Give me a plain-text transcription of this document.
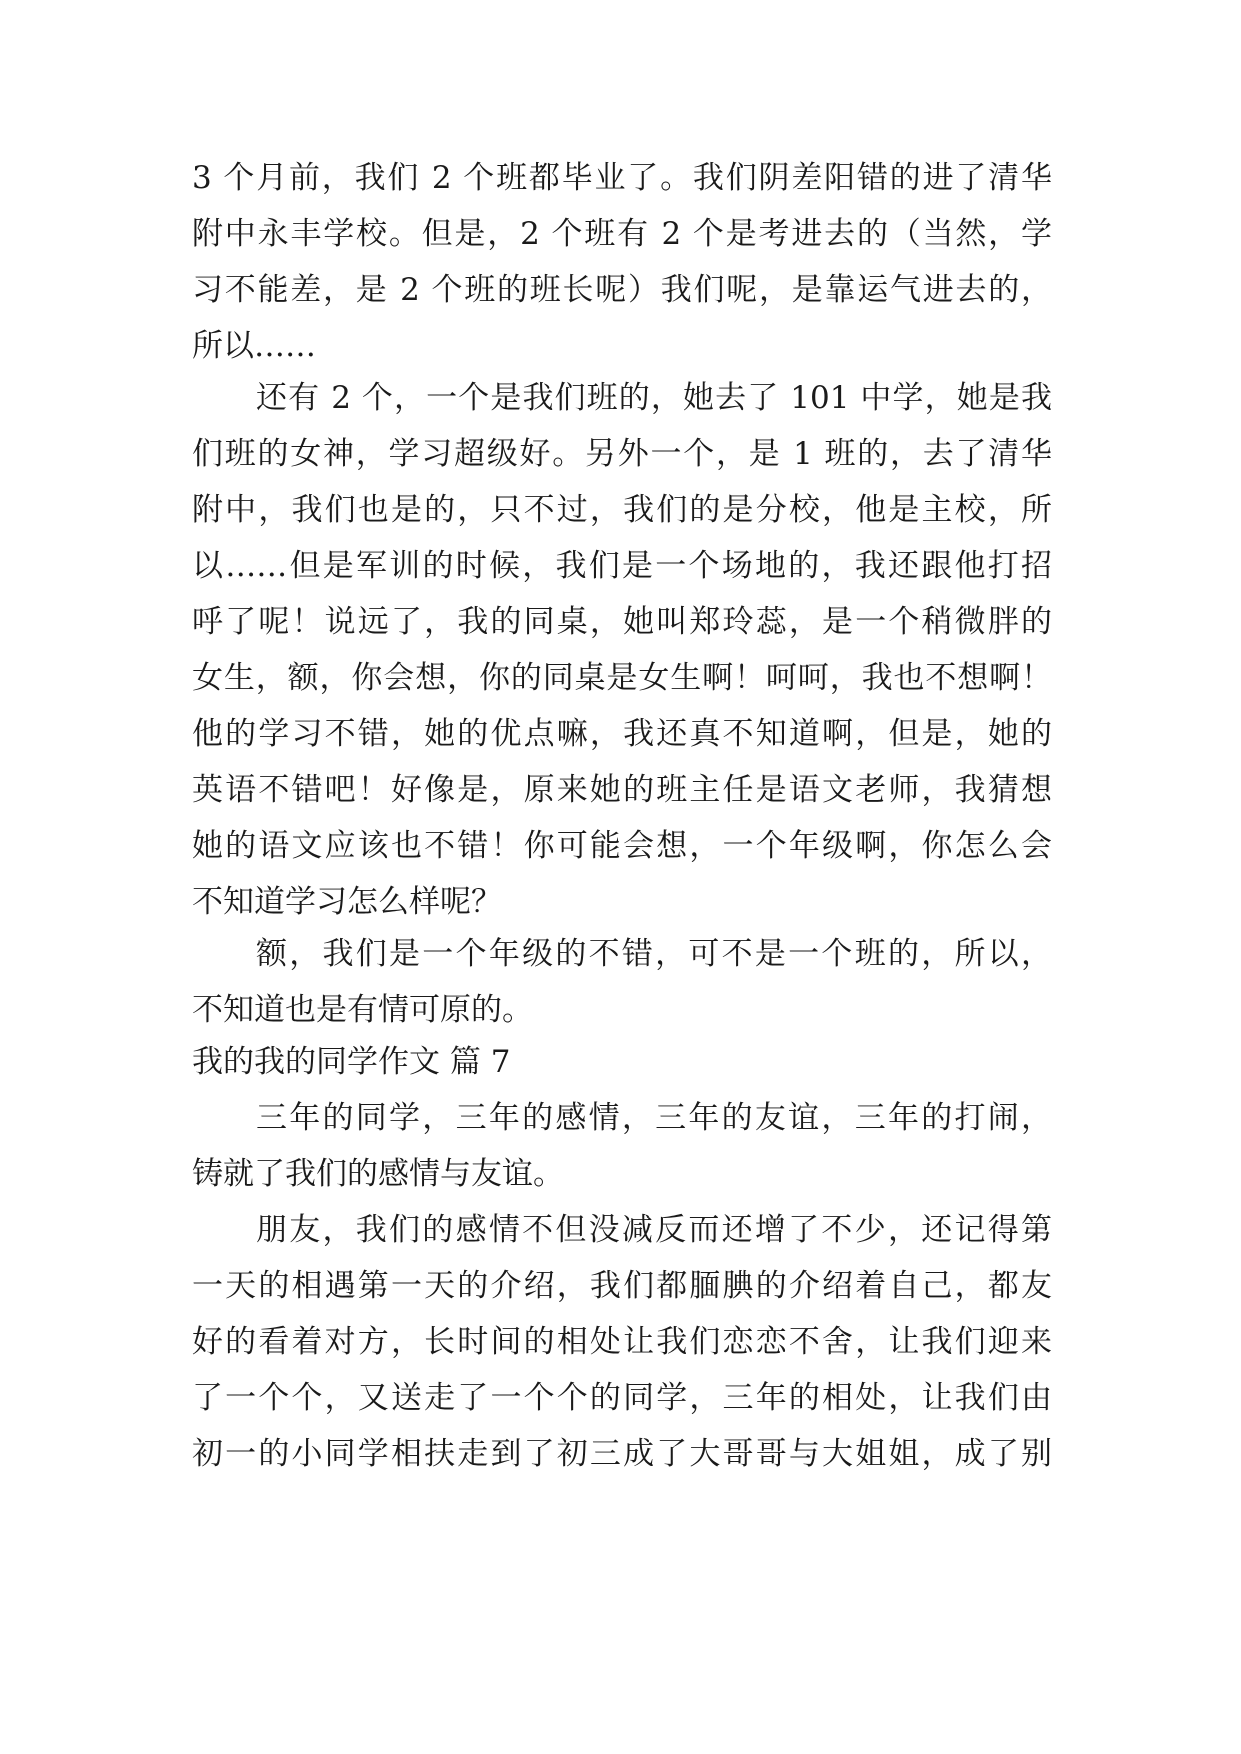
3 个月前，我们 2 个班都毕业了。我们阴差阳错的进了清华
附中永丰学校。但是，2 个班有 2 个是考进去的（当然，学
习不能差，是 2 个班的班长呢）我们呢，是靠运气进去的，
所以……
还有 2 个，一个是我们班的，她去了 101 中学，她是我
们班的女神，学习超级好。另外一个，是 1 班的，去了清华
附中，我们也是的，只不过，我们的是分校，他是主校，所
以……但是军训的时候，我们是一个场地的，我还跟他打招
呼了呢！说远了，我的同桌，她叫郑玲蕊，是一个稍微胖的
女生，额，你会想，你的同桌是女生啊！呵呵，我也不想啊！
他的学习不错，她的优点嘛，我还真不知道啊，但是，她的
英语不错吧！好像是，原来她的班主任是语文老师，我猜想
她的语文应该也不错！你可能会想，一个年级啊，你怎么会
不知道学习怎么样呢？
额，我们是一个年级的不错，可不是一个班的，所以，
不知道也是有情可原的。
我的我的同学作文 篇 7
三年的同学，三年的感情，三年的友谊，三年的打闹，
铸就了我们的感情与友谊。
朋友，我们的感情不但没减反而还增了不少，还记得第
一天的相遇第一天的介绍，我们都腼腆的介绍着自己，都友
好的看着对方，长时间的相处让我们恋恋不舍，让我们迎来
了一个个，又送走了一个个的同学，三年的相处，让我们由
初一的小同学相扶走到了初三成了大哥哥与大姐姐，成了别
